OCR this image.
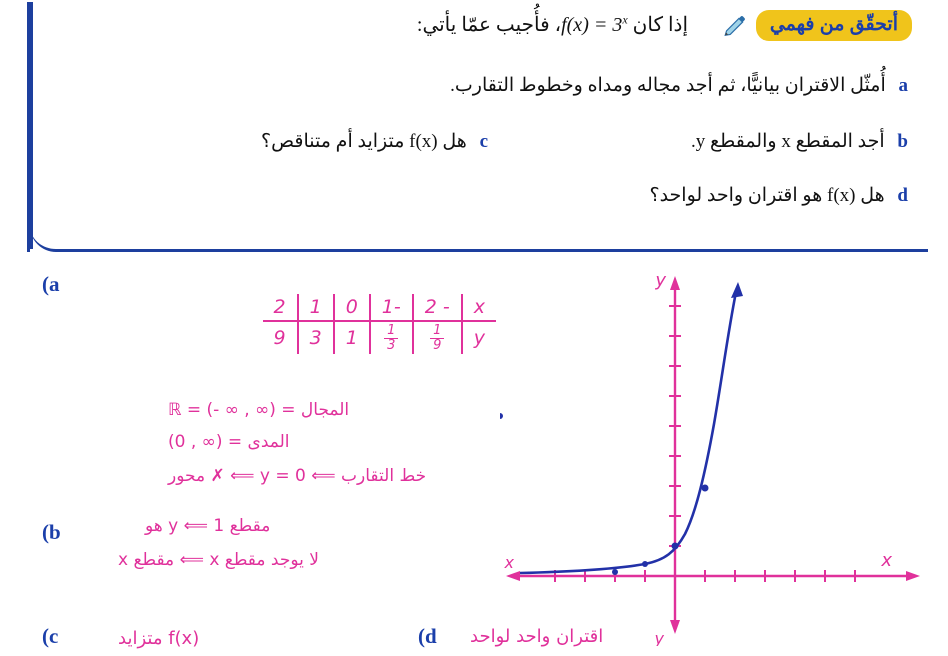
أتحقّق من فهمي
إذا كان $f(x) = 3^x،$ فأُجيب عمّا يأتي:
a أُمثّل الاقتران بيانيًّا، ثم أجد مجاله ومداه وخطوط التقارب.
b أجد المقطع x والمقطع y.
c هل f(x) متزايد أم متناقص؟
d هل f(x) هو اقتران واحد لواحد؟
(a
(b
(c	(d
x	- 2	-1	0	1	2
y	$\frac{1}{9}$	$\frac{1}{3}$	1	3	9
المجال = (∞ , ∞ -) = ℝ
المدى = (∞ , 0)
خط التقارب ⟸ y = 0 ⟸ ✗ محور
مقطع y ⟸ 1 هو
لا يوجد مقطع x ⟸ مقطع x
f(x) متزايد	اقتران واحد لواحد
x
y
y
x
